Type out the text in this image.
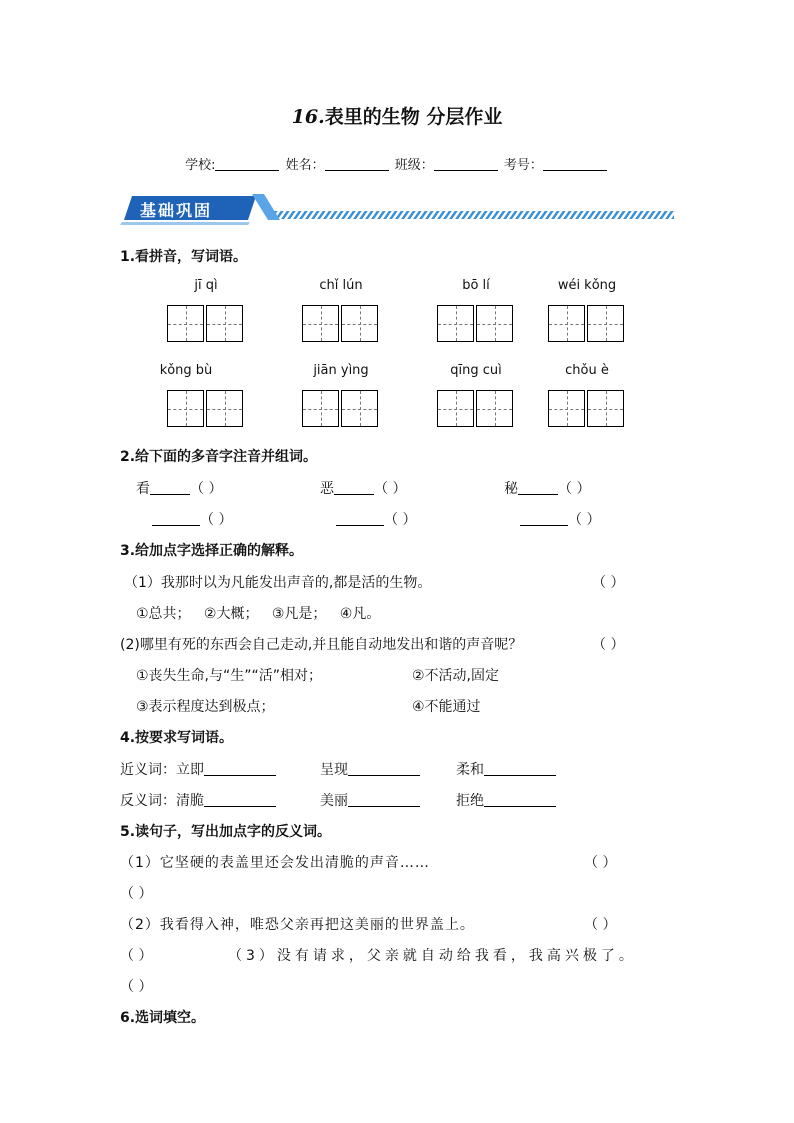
16.表里的生物 分层作业
学校:	姓名：	班级：	考号：
基础巩固
1.看拼音，写词语。
jī qì	chǐ lún	bō lí	wéi kǒng
kǒng bù	jiān yìng	qīng cuì	chǒu è
2.给下面的多音字注音并组词。
看	（ ）	恶	（ ）	秘	（ ）
（ ）	（ ）	（ ）
3.给加点字选择正确的解释。
（1）我那时以为凡能发出声音的,都是活的生物。	（ ）
①总共； ②大概； ③凡是； ④凡。
(2)哪里有死的东西会自己走动,并且能自动地发出和谐的声音呢？	（ ）
①丧失生命,与“生”“活”相对；	②不活动,固定
③表示程度达到极点；	④不能通过
4.按要求写词语。
近义词：立即	呈现	柔和
反义词：清脆	美丽	拒绝
5.读句子，写出加点字的反义词。
（1）它坚硬的表盖里还会发出清脆的声音……	（ ）
（ ）
（2）我看得入神，唯恐父亲再把这美丽的世界盖上。	（ ）
（ ）	（3）没有请求，父亲就自动给我看，我高兴极了。
（ ）
6.选词填空。
